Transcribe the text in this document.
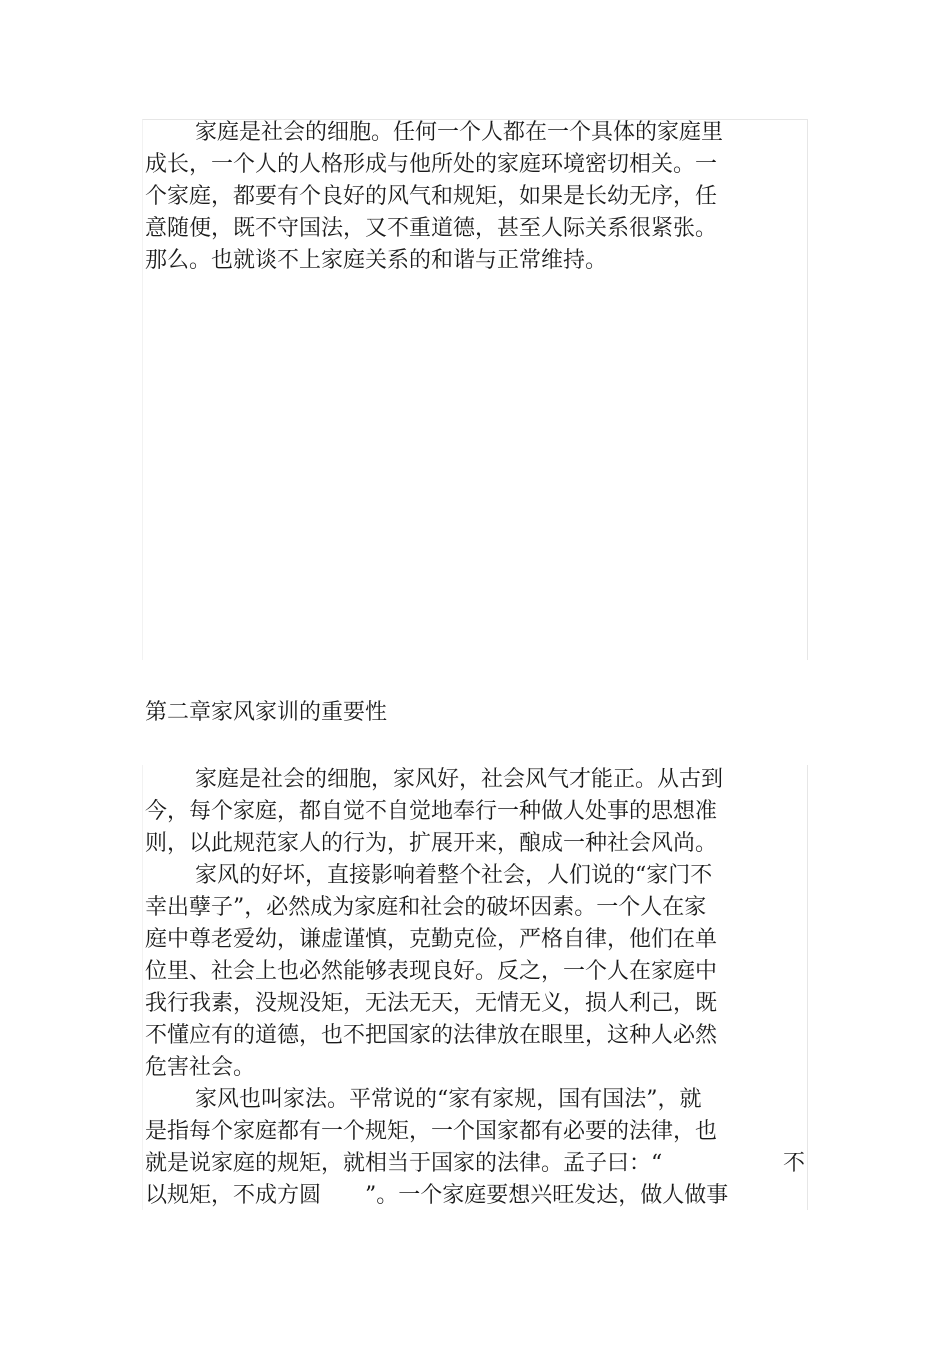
家庭是社会的细胞。任何一个人都在一个具体的家庭里
成长，一个人的人格形成与他所处的家庭环境密切相关。一
个家庭，都要有个良好的风气和规矩，如果是长幼无序，任
意随便，既不守国法，又不重道德，甚至人际关系很紧张。
那么。也就谈不上家庭关系的和谐与正常维持。
第二章家风家训的重要性
家庭是社会的细胞，家风好，社会风气才能正。从古到
今，每个家庭，都自觉不自觉地奉行一种做人处事的思想准
则，以此规范家人的行为，扩展开来，酿成一种社会风尚。
家风的好坏，直接影响着整个社会，人们说的“家门不
幸出孽子”，必然成为家庭和社会的破坏因素。一个人在家
庭中尊老爱幼，谦虚谨慎，克勤克俭，严格自律，他们在单
位里、社会上也必然能够表现良好。反之，一个人在家庭中
我行我素，没规没矩，无法无天，无情无义，损人利己，既
不懂应有的道德，也不把国家的法律放在眼里，这种人必然
危害社会。
家风也叫家法。平常说的“家有家规，国有国法”，就
是指每个家庭都有一个规矩，一个国家都有必要的法律，也
就是说家庭的规矩，就相当于国家的法律。孟子曰：“	不
以规矩，不成方圆　　”。一个家庭要想兴旺发达，做人做事
